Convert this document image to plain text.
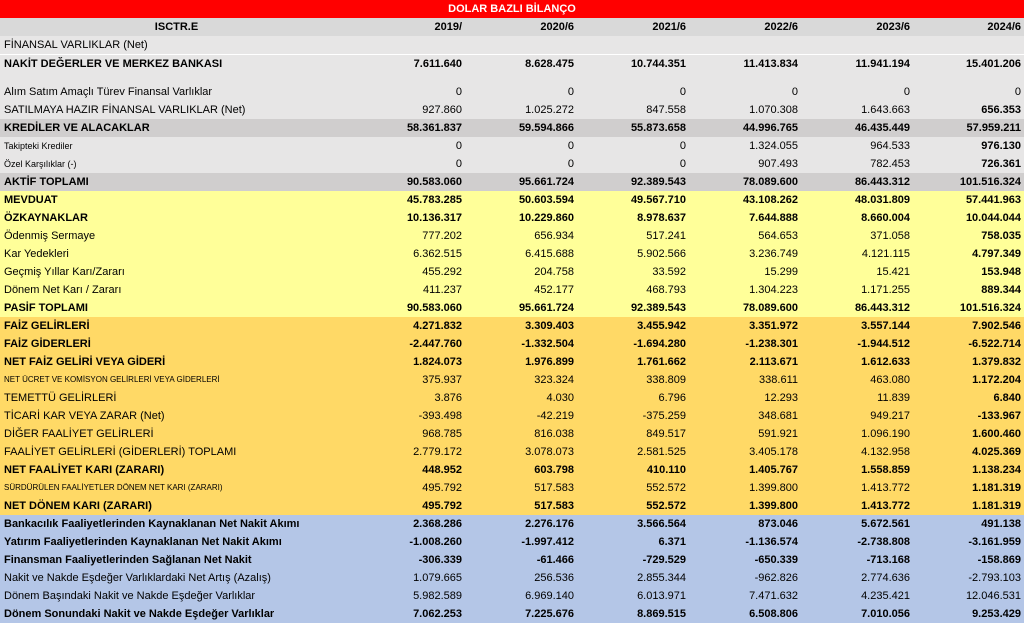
DOLAR BAZLI BİLANÇO
ISCTR.E	2019/	2020/6	2021/6	2022/6	2023/6	2024/6
FİNANSAL VARLIKLAR (Net)
NAKİT DEĞERLER VE MERKEZ BANKASI	7.611.640	8.628.475	10.744.351	11.413.834	11.941.194	15.401.206
Alım Satım Amaçlı Türev Finansal Varlıklar	0	0	0	0	0	0
SATILMAYA HAZIR FİNANSAL VARLIKLAR (Net)	927.860	1.025.272	847.558	1.070.308	1.643.663	656.353
KREDİLER VE ALACAKLAR	58.361.837	59.594.866	55.873.658	44.996.765	46.435.449	57.959.211
Takipteki Krediler	0	0	0	1.324.055	964.533	976.130
Özel Karşılıklar (-)	0	0	0	907.493	782.453	726.361
AKTİF TOPLAMI	90.583.060	95.661.724	92.389.543	78.089.600	86.443.312	101.516.324
MEVDUAT	45.783.285	50.603.594	49.567.710	43.108.262	48.031.809	57.441.963
ÖZKAYNAKLAR	10.136.317	10.229.860	8.978.637	7.644.888	8.660.004	10.044.044
Ödenmiş Sermaye	777.202	656.934	517.241	564.653	371.058	758.035
Kar Yedekleri	6.362.515	6.415.688	5.902.566	3.236.749	4.121.115	4.797.349
Geçmiş Yıllar Karı/Zararı	455.292	204.758	33.592	15.299	15.421	153.948
Dönem Net Karı / Zararı	411.237	452.177	468.793	1.304.223	1.171.255	889.344
PASİF TOPLAMI	90.583.060	95.661.724	92.389.543	78.089.600	86.443.312	101.516.324
FAİZ GELİRLERİ	4.271.832	3.309.403	3.455.942	3.351.972	3.557.144	7.902.546
FAİZ GİDERLERİ	-2.447.760	-1.332.504	-1.694.280	-1.238.301	-1.944.512	-6.522.714
NET FAİZ GELİRİ VEYA GİDERİ	1.824.073	1.976.899	1.761.662	2.113.671	1.612.633	1.379.832
NET ÜCRET VE KOMİSYON GELİRLERİ VEYA GİDERLERİ	375.937	323.324	338.809	338.611	463.080	1.172.204
TEMETTÜ GELİRLERİ	3.876	4.030	6.796	12.293	11.839	6.840
TİCARİ KAR VEYA ZARAR (Net)	-393.498	-42.219	-375.259	348.681	949.217	-133.967
DİĞER FAALİYET GELİRLERİ	968.785	816.038	849.517	591.921	1.096.190	1.600.460
FAALİYET GELİRLERİ (GİDERLERİ) TOPLAMI	2.779.172	3.078.073	2.581.525	3.405.178	4.132.958	4.025.369
NET FAALİYET KARI (ZARARI)	448.952	603.798	410.110	1.405.767	1.558.859	1.138.234
SÜRDÜRÜLEN FAALİYETLER DÖNEM NET KARI (ZARARI)	495.792	517.583	552.572	1.399.800	1.413.772	1.181.319
NET DÖNEM KARI (ZARARI)	495.792	517.583	552.572	1.399.800	1.413.772	1.181.319
Bankacılık Faaliyetlerinden Kaynaklanan Net Nakit Akımı	2.368.286	2.276.176	3.566.564	873.046	5.672.561	491.138
Yatırım Faaliyetlerinden Kaynaklanan Net Nakit Akımı	-1.008.260	-1.997.412	6.371	-1.136.574	-2.738.808	-3.161.959
Finansman Faaliyetlerinden Sağlanan Net Nakit	-306.339	-61.466	-729.529	-650.339	-713.168	-158.869
Nakit ve Nakde Eşdeğer Varlıklardaki Net Artış (Azalış)	1.079.665	256.536	2.855.344	-962.826	2.774.636	-2.793.103
Dönem Başındaki Nakit ve Nakde Eşdeğer Varlıklar	5.982.589	6.969.140	6.013.971	7.471.632	4.235.421	12.046.531
Dönem Sonundaki Nakit ve Nakde Eşdeğer Varlıklar	7.062.253	7.225.676	8.869.515	6.508.806	7.010.056	9.253.429
